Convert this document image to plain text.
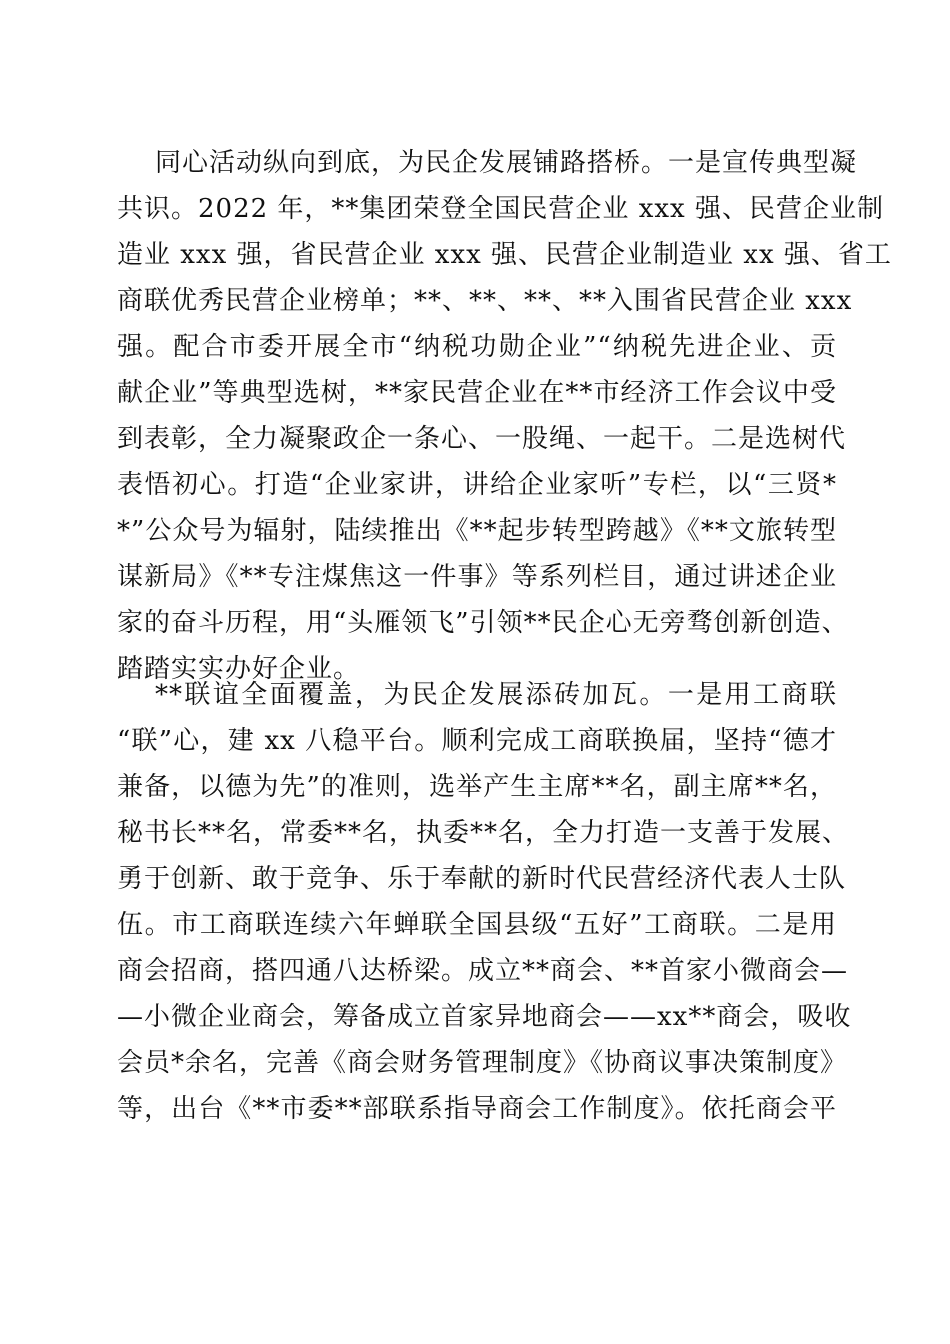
同心活动纵向到底，为民企发展铺路搭桥。一是宣传典型凝
共识。2022 年，**集团荣登全国民营企业 xxx 强、民营企业制
造业 xxx 强，省民营企业 xxx 强、民营企业制造业 xx 强、省工
商联优秀民营企业榜单；**、**、**、**入围省民营企业 xxx
强。配合市委开展全市“纳税功勋企业”“纳税先进企业、贡
献企业”等典型选树，**家民营企业在**市经济工作会议中受
到表彰，全力凝聚政企一条心、一股绳、一起干。二是选树代
表悟初心。打造“企业家讲，讲给企业家听”专栏，以“三贤*
*”公众号为辐射，陆续推出《**起步转型跨越》《**文旅转型
谋新局》《**专注煤焦这一件事》等系列栏目，通过讲述企业
家的奋斗历程，用“头雁领飞”引领**民企心无旁骛创新创造、
踏踏实实办好企业。
**联谊全面覆盖，为民企发展添砖加瓦。一是用工商联
“联”心，建 xx 八稳平台。顺利完成工商联换届，坚持“德才
兼备，以德为先”的准则，选举产生主席**名，副主席**名，
秘书长**名，常委**名，执委**名，全力打造一支善于发展、
勇于创新、敢于竞争、乐于奉献的新时代民营经济代表人士队
伍。市工商联连续六年蝉联全国县级“五好”工商联。二是用
商会招商，搭四通八达桥梁。成立**商会、**首家小微商会—
—小微企业商会，筹备成立首家异地商会——xx**商会，吸收
会员*余名，完善《商会财务管理制度》《协商议事决策制度》
等，出台《**市委**部联系指导商会工作制度》。依托商会平
